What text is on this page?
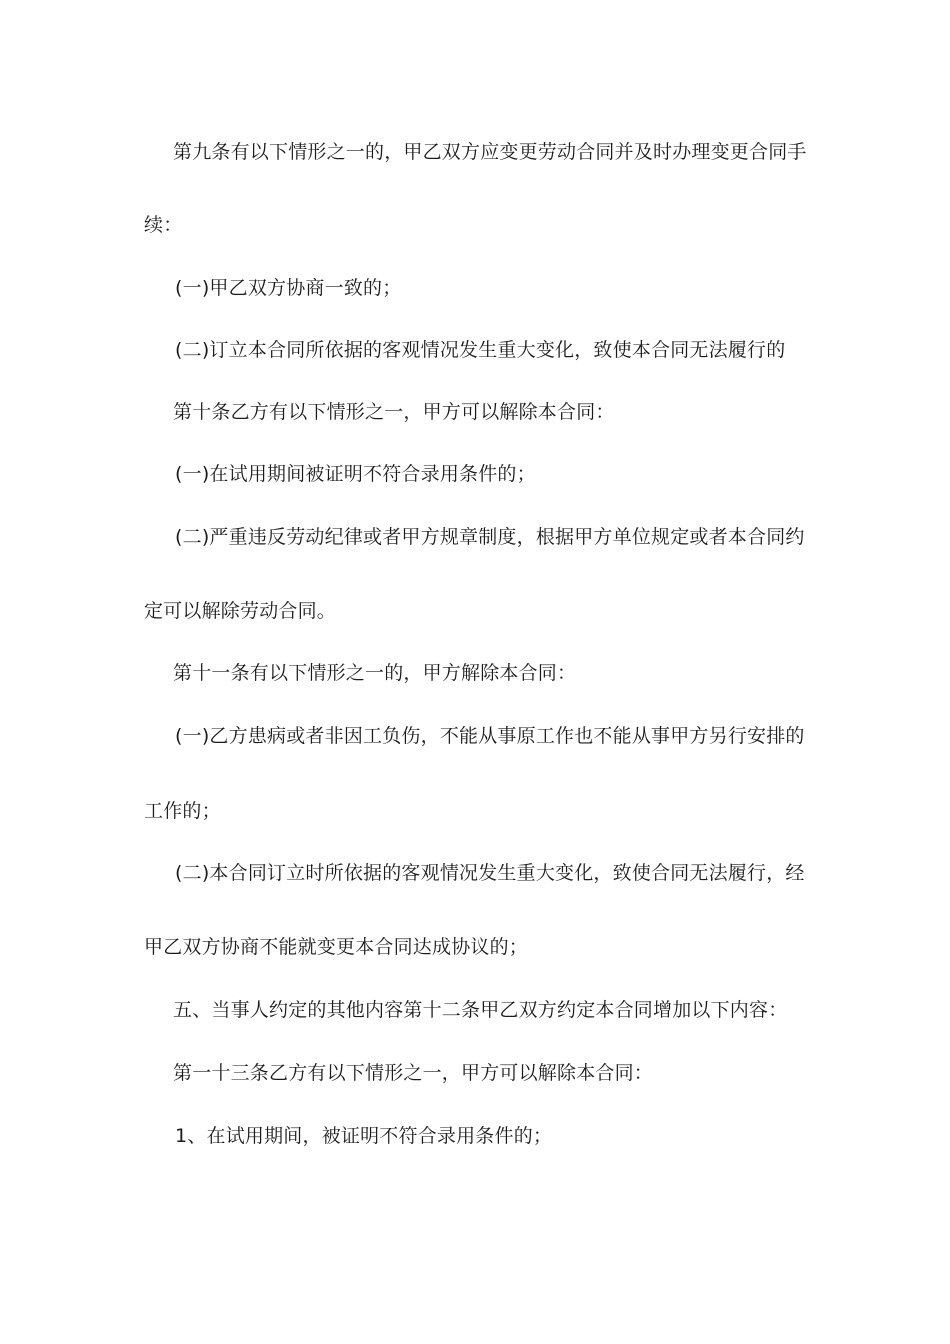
第九条有以下情形之一的，甲乙双方应变更劳动合同并及时办理变更合同手
续：
(一)甲乙双方协商一致的；
(二)订立本合同所依据的客观情况发生重大变化，致使本合同无法履行的
第十条乙方有以下情形之一，甲方可以解除本合同：
(一)在试用期间被证明不符合录用条件的；
(二)严重违反劳动纪律或者甲方规章制度，根据甲方单位规定或者本合同约
定可以解除劳动合同。
第十一条有以下情形之一的，甲方解除本合同：
(一)乙方患病或者非因工负伤，不能从事原工作也不能从事甲方另行安排的
工作的；
(二)本合同订立时所依据的客观情况发生重大变化，致使合同无法履行，经
甲乙双方协商不能就变更本合同达成协议的；
五、当事人约定的其他内容第十二条甲乙双方约定本合同增加以下内容：
第一十三条乙方有以下情形之一，甲方可以解除本合同：
1、在试用期间，被证明不符合录用条件的；
